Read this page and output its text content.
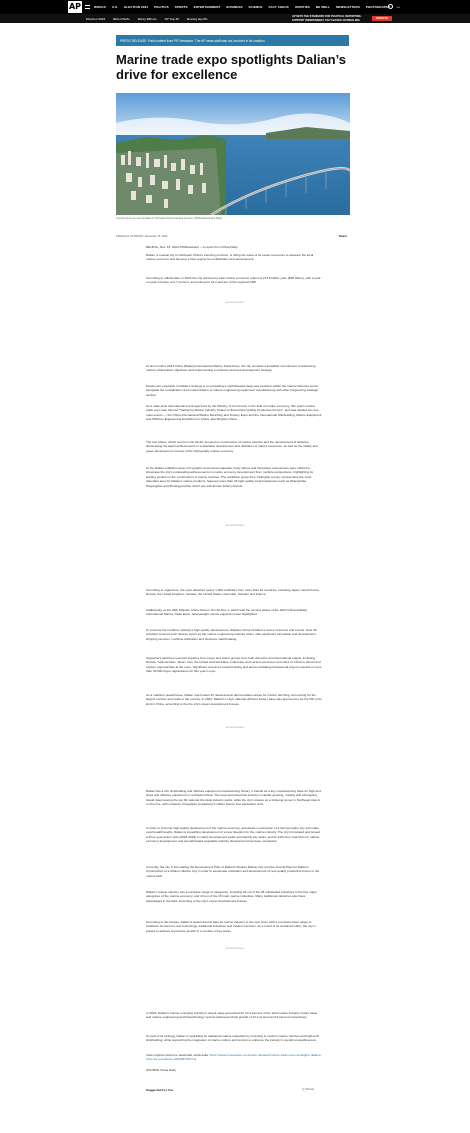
AP	WORLD U.S. ELECTION 2024 POLITICS SPORTS ENTERTAINMENT BUSINESS SCIENCE FACT CHECK ODDITIES BE WELL NEWSLETTERS PHOTOGRAPHY •••
Election 2024	Bills-Chiefs	Betsy Wilson	AP Top 25	Boeing layoffs	AP SETS THE STANDARD FOR POLITICAL REPORTING. SUPPORT INDEPENDENT, FACT-BASED JOURNALISM.	DONATE
PRESS RELEASE: Paid content from PR Newswire. The AP news staff was not involved in its creation.
Marine trade expo spotlights Dalian’s drive for excellence
A scenic bird's-eye view of Dalian in Northeast China's Liaoning province. (PRNewsfoto/China Daily)
Published 1:30 PM EST, November 15, 2024	Share

BEIJING, Nov. 15, 2024 /PRNewswire/ -- A report from China Daily:

Dalian, a coastal city in Northeast China's Liaoning province, is riding the wave of its ocean resources to advance the local marine economy and become a blue engine for revitalization and development.

According to official data, in 2023 the city achieved a total marine economic output of 273.8 billion yuan ($38 billion), with a year-on-year increase of 6.7 percent, accounting for 31.2 percent of the regional GDP.

ADVERTISEMENT

At last month's 2024 China (Dalian) International Marine Trade Expo, the city unveiled a steadfast commitment to advancing marine urbanization objectives and implementing a cohesive land-sea development strategy.

Paramount emphasis in Dalian's strategy is on propelling a sophisticated deep-sea evolution within the marine fisheries sector, alongside the revitalization and modernization of marine engineering equipment manufacturing and other burgeoning strategic sectors.

As a state-level international event approved by the Ministry of Commerce in the field of marine economy, this year's marine trade expo was themed "Gathering Marine Industry Chains to Boost New Quality Productive Forces", and was divided into two main events — the China International Marine Ranching and Fishery Expo and the International Shipbuilding, Marine Equipment and Offshore Engineering Exhibition for China, aka Shipdex China.

The first phase, which ran from Oct 24-26, focused on construction of marine ranches and the development of fisheries, showcasing the latest achievements in sustainable development and utilization of marine resources, as well as the vitality and green development concept of the high-quality marine economy.

At the Dalian exhibition area, rich graphic and textual materials, lively videos and interactive experiences were utilized to showcase the city's outstanding achievements in marine economy development from multiple perspectives, highlighting its leading position in the construction of marine ranches. The exhibition group from Changhai county, representing the most abundant area for Dalian's marine products, featured more than 23 high-quality local businesses such as Zhangzidao, Haiyangdao and Zhuangyuanhai, which are well-known fishery brands.

ADVERTISEMENT

According to organizers, the expo attracted nearly 1,000 exhibitors from more than 16 countries, including Japan, South Korea, Russia, the United Kingdom, Norway, the United States, Denmark, Sweden and France.

Additionally, at the 26th Shipdex China held on Oct 30-Nov 1, which was the second phase of the 2024 China (Dalian) International Marine Trade Expo, heavyweight marine equipment was highlighted.

To promote the maritime industry's high-quality development, Shipdex China included a series of forums and events. Over 20 activities covered such diverse topics as the marine engineering industry chain, ship equipment innovation and development, shipping services, maritime arbitration and business matchmaking.

Organizers said they received inquiries from buyer and visitor groups from both domestic and international origins, including Russia, Turkmenistan, Spain, Iran, the United Arab Emirates, Indonesia, and various provinces and cities in China to attend and explore opportunities at the expo. Significant resources toward inviting and accommodating professional buyers resulted in more than 30,000 buyer registrations for this year's expo.

As a maritime powerhouse, Dalian now boasts 32 national-level demonstration areas for marine ranching, accounting for the largest number and scale in the country. In 2023, Dalian's Lvsiyu national offshore fishery base was approved to be the fifth of its kind in China, according to the the city's ocean development bureau.

ADVERTISEMENT

Dalian has a rich shipbuilding and offshore equipment manufacturing history. It stands as a key manufacturing base for high-end ships and offshore equipment in northeast China. The local petrochemical industry is rapidly growing, notably with Changxing Island listed among the top 30 national chemical industry parks, while the city's stature as a shipping center in Northeast Asia is on the rise, with container throughput surpassing 5 million twenty-foot equivalent units.

In order to promote high-quality development of the marine economy, accelerate construction of a strong marine city and make new breakthroughs, Dalian is expediting development of a new blueprint for the marine industry. The city formulated and issued a three-year action plan (2023-2025) to clarify development goals and identify key tasks, and its 14th Five-Year Plan for marine economy development and pre-fabricated vegetable industry development has been completed.

Currently, the city is formulating the Development Plan of Dalian's Modern Marine City and the Overall Plan for Dalian's Construction of a Modern Marine City in order to accelerate cultivation and development of new-quality productive forces in the marine field.

Dalian's marine industry has a complete range of categories, including 26 out of the 28 subdivided industries in the five major categories of the marine economy, and 13 out of the 15 main marine industries. Many traditional industries also have advantages in the field, according to the city's ocean development bureau.

According to the bureau, Dalian is determined to take its marine industry to the next level, with a comprehensive range of initiatives focused on new technology, traditional industries and modern services. As a result of its sustained effort, the city is poised to achieve impressive growth in a number of key areas.

ADVERTISEMENT

In 2023, Dalian's marine emerging industry's output value accounted for 10.4 percent of the total marine industry output value, and marine engineering and biotechnology sectors achieved robust growth of 12.4 percent and 9 percent respectively.

As part of its strategy, Dalian is upgrading its traditional marine industries by investing in modern marine ranches and high-tech shipbuilding, while supporting the integration of marine culture and tourism to enhance the industry's overall competitiveness.

View original content to download multimedia: https://www.prnewswire.com/news-releases/marine-trade-expo-spotlights-dalians-drive-for-excellence-302308730.html

SOURCE China Daily

Suggested For You	by Taboola
